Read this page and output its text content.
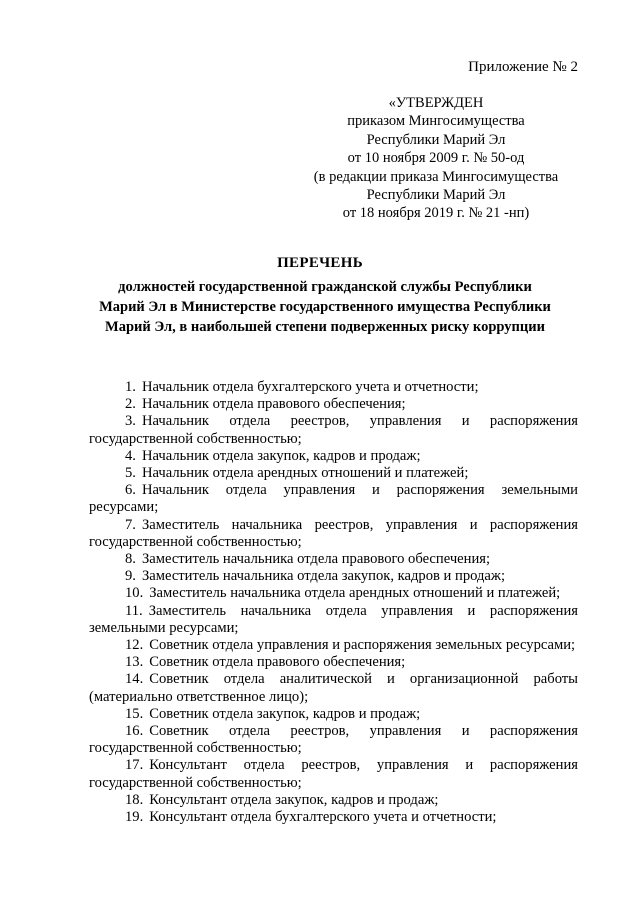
Приложение № 2
«УТВЕРЖДЕН
приказом Мингосимущества
Республики Марий Эл
от 10 ноября 2009 г. № 50-од
(в редакции приказа Мингосимущества
Республики Марий Эл
от 18 ноября 2019 г. № 21 -нп)
ПЕРЕЧЕНЬ
должностей государственной гражданской службы Республики
Марий Эл в Министерстве государственного имущества Республики
Марий Эл, в наибольшей степени подверженных риску коррупции

1. Начальник отдела бухгалтерского учета и отчетности;

2. Начальник отдела правового обеспечения;

3. Начальник отдела реестров, управления и распоряжения государственной собственностью;

4. Начальник отдела закупок, кадров и продаж;

5. Начальник отдела арендных отношений и платежей;

6. Начальник отдела управления и распоряжения земельными ресурсами;

7. Заместитель начальника реестров, управления и распоряжения государственной собственностью;

8. Заместитель начальника отдела правового обеспечения;

9. Заместитель начальника отдела закупок, кадров и продаж;

10. Заместитель начальника отдела арендных отношений и платежей;

11. Заместитель начальника отдела управления и распоряжения земельными ресурсами;

12. Советник отдела управления и распоряжения земельных ресурсами;

13. Советник отдела правового обеспечения;

14. Советник отдела аналитической и организационной работы (материально ответственное лицо);

15. Советник отдела закупок, кадров и продаж;

16. Советник отдела реестров, управления и распоряжения государственной собственностью;

17. Консультант отдела реестров, управления и распоряжения государственной собственностью;

18. Консультант отдела закупок, кадров и продаж;

19. Консультант отдела бухгалтерского учета и отчетности;
